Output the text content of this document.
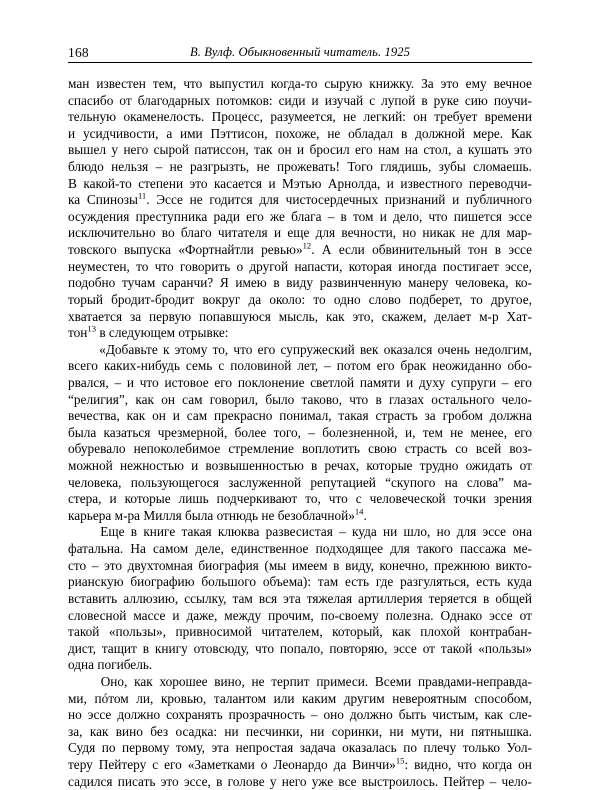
168	В. Вулф. Обыкновенный читатель. 1925

ман известен тем, что выпустил когда-то сырую книжку. За это ему вечное
спасибо от благодарных потомков: сиди и изучай с лупой в руке сию поучи-
тельную окаменелость. Процесс, разумеется, не легкий: он требует времени
и усидчивости, а ими Пэттисон, похоже, не обладал в должной мере. Как
вышел у него сырой патиссон, так он и бросил его нам на стол, а кушать это
блюдо нельзя – не разгрызть, не прожевать! Того глядишь, зубы сломаешь.
В какой-то степени это касается и Мэтью Арнолда, и известного переводчи-
ка Спинозы$^{11}$. Эссе не годится для чистосердечных признаний и публичного
осуждения преступника ради его же блага – в том и дело, что пишется эссе
исключительно во благо читателя и еще для вечности, но никак не для мар-
товского выпуска «Фортнайтли ревью»$^{12}$. А если обвинительный тон в эссе
неуместен, то что говорить о другой напасти, которая иногда постигает эссе,
подобно тучам саранчи? Я имею в виду развинченную манеру человека, ко-
торый бродит-бродит вокруг да около: то одно слово подберет, то другое,
хватается за первую попавшуюся мысль, как это, скажем, делает м-р Хат-
тон$^{13}$ в следующем отрывке:

«Добавьте к этому то, что его супружеский век оказался очень недолгим,
всего каких-нибудь семь с половиной лет, – потом его брак неожиданно обо-
рвался, – и что истовое его поклонение светлой памяти и духу супруги – его
“религия”, как он сам говорил, было таково, что в глазах остального чело-
вечества, как он и сам прекрасно понимал, такая страсть за гробом должна
была казаться чрезмерной, более того, – болезненной, и, тем не менее, его
обуревало непоколебимое стремление воплотить свою страсть со всей воз-
можной нежностью и возвышенностью в речах, которые трудно ожидать от
человека, пользующегося заслуженной репутацией “скупого на слова” ма-
стера, и которые лишь подчеркивают то, что с человеческой точки зрения
карьера м-ра Милля была отнюдь не безоблачной»$^{14}$.

Еще в книге такая клюква развесистая – куда ни шло, но для эссе она
фатальна. На самом деле, единственное подходящее для такого пассажа ме-
сто – это двухтомная биография (мы имеем в виду, конечно, прежнюю викто-
рианскую биографию большого объема): там есть где разгуляться, есть куда
вставить аллюзию, ссылку, там вся эта тяжелая артиллерия теряется в общей
словесной массе и даже, между прочим, по-своему полезна. Однако эссе от
такой «пользы», привносимой читателем, который, как плохой контрабан-
дист, тащит в книгу отовсюду, что попало, повторяю, эссе от такой «пользы»
одна погибель.

Оно, как хорошее вино, не терпит примеси. Всеми правдами-неправда-
ми, пóтом ли, кровью, талантом или каким другим невероятным способом,
но эссе должно сохранять прозрачность – оно должно быть чистым, как сле-
за, как вино без осадка: ни песчинки, ни соринки, ни мути, ни пятнышка.
Судя по первому тому, эта непростая задача оказалась по плечу только Уол-
теру Пейтеру с его «Заметками о Леонардо да Винчи»$^{15}$: видно, что когда он
садился писать это эссе, в голове у него уже все выстроилось. Пейтер – чело-
